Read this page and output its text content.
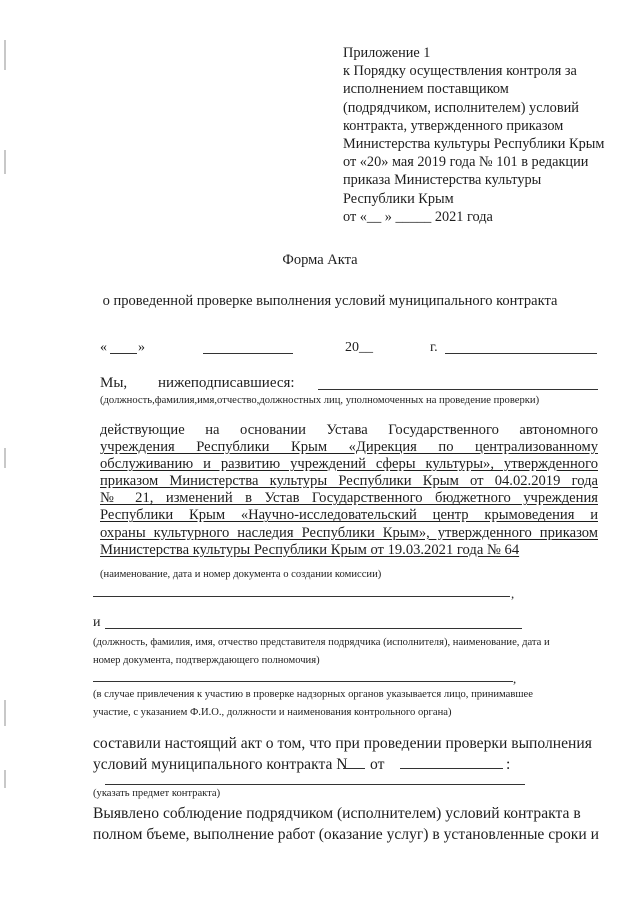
Приложение 1
к Порядку осуществления контроля за
исполнением поставщиком
(подрядчиком, исполнителем) условий
контракта, утвержденного приказом
Министерства культуры Республики Крым
от «20» мая 2019 года № 101 в редакции
приказа Министерства культуры
Республики Крым
от «__ » _____ 2021 года
Форма Акта
о проведенной проверке выполнения условий муниципального контракта
« »	20__	г.
Мы, нижеподписавшиеся:
(должность,фамилия,имя,отчество,должностных лиц, уполномоченных на проведение проверки)
действующие на основании Устава Государственного автономного
учреждения Республики Крым «Дирекция по централизованному
обслуживанию и развитию учреждений сферы культуры», утвержденного
приказом Министерства культуры Республики Крым от 04.02.2019 года
№ 21, изменений в Устав Государственного бюджетного учреждения
Республики Крым «Научно-исследовательский центр крымоведения и
охраны культурного наследия Республики Крым», утвержденного приказом
Министерства культуры Республики Крым от 19.03.2021 года № 64
(наименование, дата и номер документа о создании комиссии)
,
и
(должность, фамилия, имя, отчество представителя подрядчика (исполнителя), наименование, дата и
номер документа, подтверждающего полномочия)
,
(в случае привлечения к участию в проверке надзорных органов указывается лицо, принимавшее
участие, с указанием Ф.И.О., должности и наименования контрольного органа)
составили настоящий акт о том, что при проведении проверки выполнения
условий муниципального контракта N	от	:
(указать предмет контракта)
Выявлено соблюдение подрядчиком (исполнителем) условий контракта в
полном бъеме, выполнение работ (оказание услуг) в установленные сроки и
